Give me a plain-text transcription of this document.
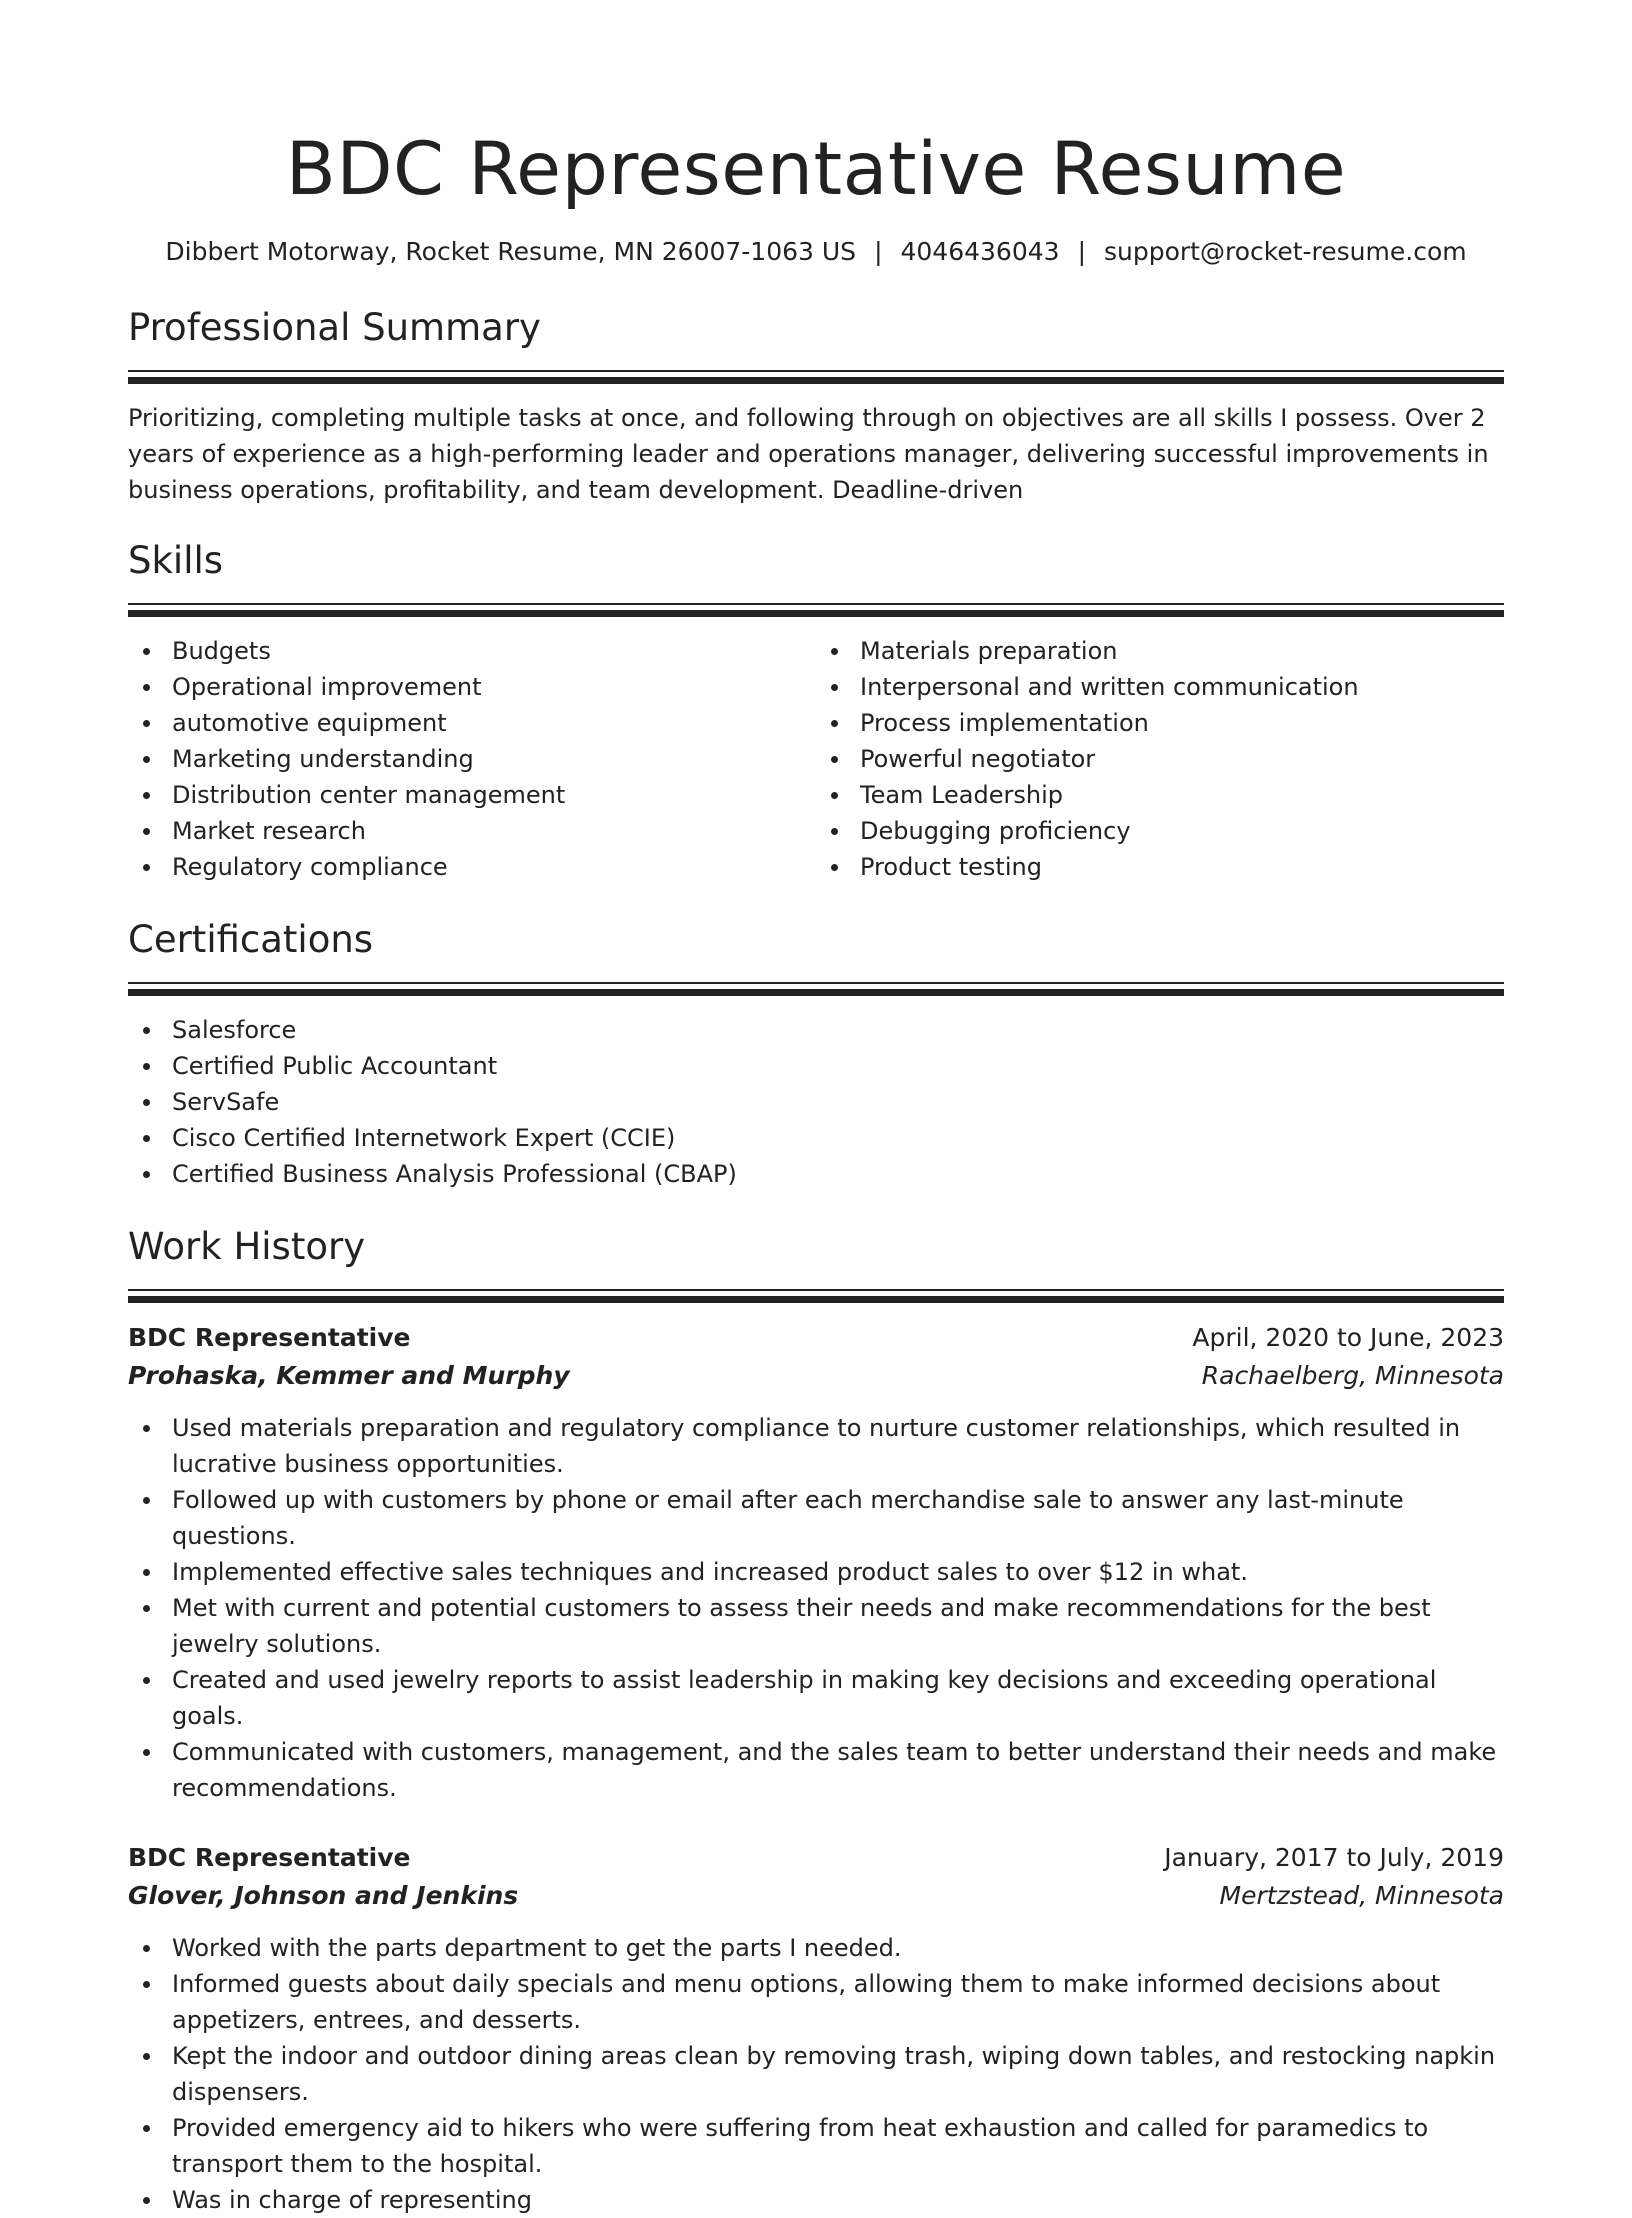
BDC Representative Resume
Dibbert Motorway, Rocket Resume, MN 26007-1063 US | 4046436043 | support@rocket-resume.com
Professional Summary
Prioritizing, completing multiple tasks at once, and following through on objectives are all skills I possess. Over 2 years of experience as a high-performing leader and operations manager, delivering successful improvements in business operations, profitability, and team development. Deadline-driven
Skills
Budgets
Operational improvement
automotive equipment
Marketing understanding
Distribution center management
Market research
Regulatory compliance
Materials preparation
Interpersonal and written communication
Process implementation
Powerful negotiator
Team Leadership
Debugging proficiency
Product testing
Certifications
Salesforce
Certified Public Accountant
ServSafe
Cisco Certified Internetwork Expert (CCIE)
Certified Business Analysis Professional (CBAP)
Work History
BDC Representative	April, 2020 to June, 2023
Prohaska, Kemmer and Murphy	Rachaelberg, Minnesota
Used materials preparation and regulatory compliance to nurture customer relationships, which resulted in lucrative business opportunities.
Followed up with customers by phone or email after each merchandise sale to answer any last-minute questions.
Implemented effective sales techniques and increased product sales to over $12 in what.
Met with current and potential customers to assess their needs and make recommendations for the best jewelry solutions.
Created and used jewelry reports to assist leadership in making key decisions and exceeding operational goals.
Communicated with customers, management, and the sales team to better understand their needs and make recommendations.
BDC Representative	January, 2017 to July, 2019
Glover, Johnson and Jenkins	Mertzstead, Minnesota
Worked with the parts department to get the parts I needed.
Informed guests about daily specials and menu options, allowing them to make informed decisions about appetizers, entrees, and desserts.
Kept the indoor and outdoor dining areas clean by removing trash, wiping down tables, and restocking napkin dispensers.
Provided emergency aid to hikers who were suffering from heat exhaustion and called for paramedics to transport them to the hospital.
Was in charge of representing
